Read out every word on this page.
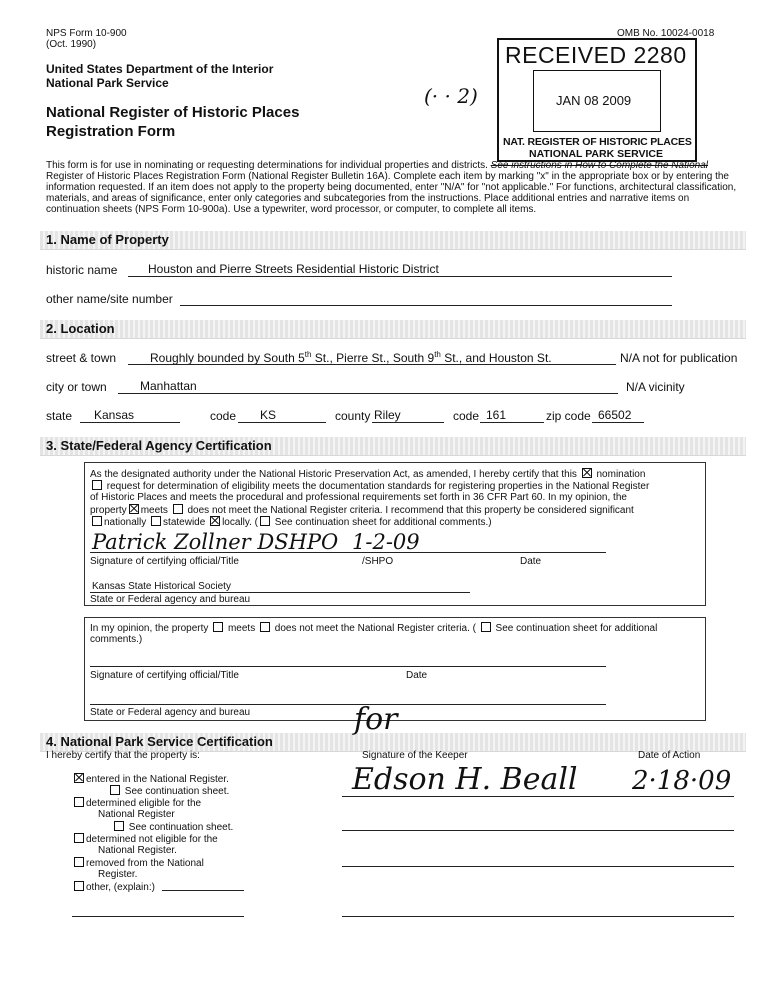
NPS Form 10-900
(Oct. 1990)
OMB No. 10024-0018
United States Department of the Interior
National Park Service
National Register of Historic Places
Registration Form
(· · 2)
RECEIVED 2280
JAN 08 2009
NAT. REGISTER OF HISTORIC PLACES
NATIONAL PARK SERVICE
This form is for use in nominating or requesting determinations for individual properties and districts. See instructions in How to Complete the National
Register of Historic Places Registration Form (National Register Bulletin 16A). Complete each item by marking "x" in the appropriate box or by entering the
information requested. If an item does not apply to the property being documented, enter "N/A" for "not applicable." For functions, architectural classification,
materials, and areas of significance, enter only categories and subcategories from the instructions. Place additional entries and narrative items on
continuation sheets (NPS Form 10-900a). Use a typewriter, word processor, or computer, to complete all items.
1. Name of Property
historic name	Houston and Pierre Streets Residential Historic District
other name/site number
2. Location
street & town	Roughly bounded by South 5th St., Pierre St., South 9th St., and Houston St.	N/A not for publication
city or town	Manhattan	N/A vicinity
state Kansas	code KS	county Riley	code 161	zip code 66502
3. State/Federal Agency Certification
As the designated authority under the National Historic Preservation Act, as amended, I hereby certify that this nomination
request for determination of eligibility meets the documentation standards for registering properties in the National Register
of Historic Places and meets the procedural and professional requirements set forth in 36 CFR Part 60. In my opinion, the
property meets does not meet the National Register criteria. I recommend that this property be considered significant
nationally statewide locally. ( See continuation sheet for additional comments.)
Patrick Zollner DSHPO 1-2-09
Signature of certifying official/Title	/SHPO	Date
Kansas State Historical Society
State or Federal agency and bureau
In my opinion, the property meets does not meet the National Register criteria. ( See continuation sheet for additional
comments.)
Signature of certifying official/Title	Date
State or Federal agency and bureau
4. National Park Service Certification
I hereby certify that the property is:
entered in the National Register.
See continuation sheet.
determined eligible for the
National Register
See continuation sheet.
determined not eligible for the
National Register.
removed from the National
Register.
other, (explain:)
for
Signature of the Keeper	Date of Action
Edson H. Beall 2·18·09
